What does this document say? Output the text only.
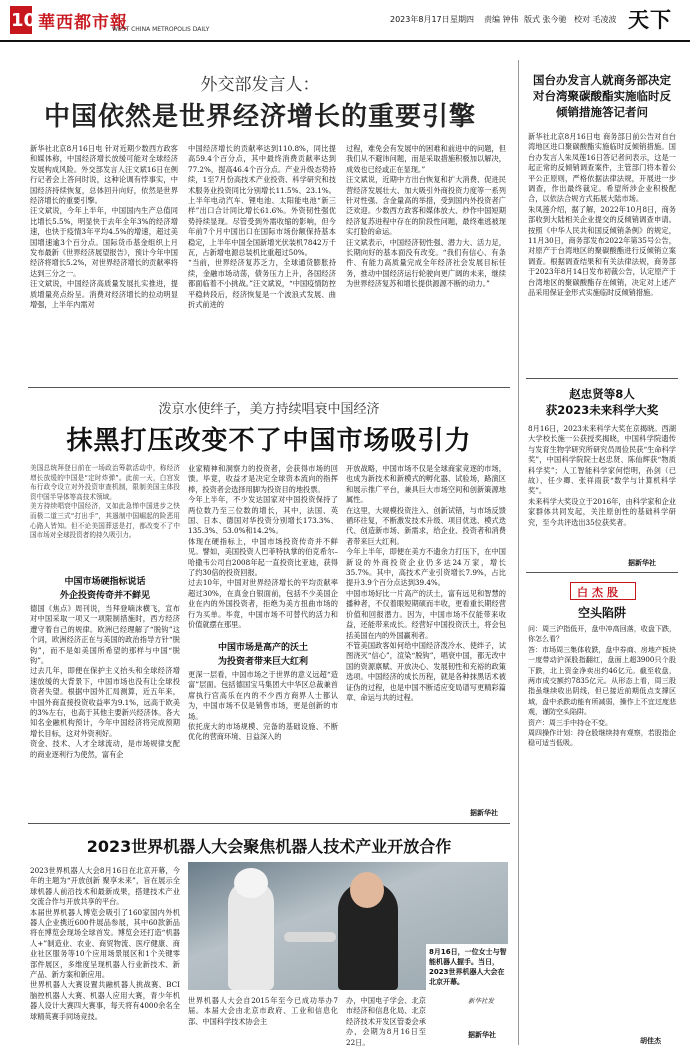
10 華西都市報
WEST CHINA METROPOLIS DAILY
2023年8月17日 星期四 责编 钟伟 版式 张今驰 校对 毛凌波 天下
外交部发言人：
中国依然是世界经济增长的重要引擎
新华社北京8月16日电 针对近期少数西方政客和媒体称，中国经济增长放缓可能对全球经济发展构成风险。外交部发言人汪文斌16日在例行记者会上答问时说，这种论调有悖事实，中国经济持续恢复，总体回升向好，依然是世界经济增长的重要引擎。
汪文斌说，今年上半年，中国国内生产总值同比增长5.5%，明显快于去年全年3%的经济增速，也快于疫情3年平均4.5%的增速，超过美国增速逾3个百分点。国际货币基金组织上月发布最新《世界经济展望报告》，预计今年中国经济将增长5.2%，对世界经济增长的贡献率将达到三分之一。
汪文斌说，中国经济高质量发展扎实推进，提质增量亮点纷呈。消费对经济增长的拉动明显增强，上半年内需对
中国经济增长的贡献率达到110.8%，同比提高59.4个百分点，其中最终消费贡献率达到77.2%，提高46.4个百分点。产业升级态势持续，1至7月份高技术产业投资、科学研究和技术服务业投资同比分别增长11.5%、23.1%。上半年电动汽车、锂电池、太阳能电池“新三样”出口合计同比增长61.6%。外资韧性强优势持续显现。尽管受到外需收缩的影响，但今年前7个月中国出口在国际市场份额保持基本稳定，上半年中国全国新增光伏装机7842万千瓦，占新增电源总装机比重超过50%。
“当前，世界经济复苏乏力，全球通货膨胀持续，金融市场动荡，债务压力上升，各国经济都面临着不小挑战。”汪文斌说，“中国疫情防控平稳转段后，经济恢复是一个波浪式发展、曲折式前进的
过程，难免会有发展中的困难和前进中的问题，但我们从不避讳问题，而是采取措施积极加以解决，成效也已经或正在显现。”
汪文斌说，近期中方出台恢复和扩大消费、促进民营经济发展壮大、加大吸引外商投资力度等一系列针对性强、含金量高的举措，受到国内外投资者广泛欢迎。少数西方政客和媒体放大、炒作中国短期经济复苏进程中存在的阶段性问题，最终难逃被现实打脸的命运。
汪文斌表示，中国经济韧性强、潜力大、活力足，长期向好的基本面没有改变。“我们有信心、有条件、有能力高质量完成全年经济社会发展目标任务，推动中国经济运行轮驶向更广阔的未来，继续为世界经济复苏和增长提供源源不断的动力。”
泼京水使绊子，美方持续唱衰中国经济
抹黑打压改变不了中国市场吸引力
美国总统拜登日前在一场政治筹款活动中，称经济增长放缓的中国是“定时炸弹”。此前一天，白宫发布行政令设立对外投资审查机制，限制美国主体投资中国半导体等高技术领域。
美方持续唱衰中国经济，又如此急惮中国进步之快而极二道三式“打出手”，其遏制中国崛起的险恶用心路人皆知。但不论美国葬送是打，都改变不了中国市场对全球投资者的持久吸引力。
中国市场硬指标说话
外企投资传奇并不鲜见
德国《焦点》周刊说，当拜登嘀沫横飞，宣布对中国采取一项又一项限制措施时，西方经济遭守着自己的规律。欧洲已经理解了“脱钩”这个词，欧洲经济正在与美国的政治指导方针“脱钩”，而不是如美国所希望的那样与中国“脱钩”。
过去几年，即便在保护主义抬头和全球经济增速放缓的大背景下，中国市场也没有让全球投资者失望。根据中国外汇局测算，近五年来，中国外商直接投资收益率为9.1%，远高于欧美的3%左右，也高于其他主要新兴经济体。各大知名金融机构预计，今年中国经济将完成预期增长目标，这对外资利好。
资金、技术、人才全球流动，是市场规律支配的商业逐利行为使然，富有企
业家精神和洞察力的投资者，会获得市场的回馈。毕竟，收益才是决定全球资本流向的指挥棒，投资者会选择用脚为投资目的地投票。
今年上半年，不少发达国家对中国投资保持了两位数乃至三位数的增长，其中，法国、英国、日本、德国对华投资分别增长173.3%、135.3%、53.0%和14.2%。
体现在硬指标上，中国市场投资传奇并不鲜见。譬如，美国投资人巴菲特执掌的伯克希尔–哈撒韦公司自2008年起一直投资比亚迪，获得了约30倍的投资回报。
过去10年，中国对世界经济增长的平均贡献率超过30%，在真金白银面前，包括不少美国企业在内的外国投资者，拒绝为美方扭曲市场的行为买单。毕竟，中国市场不可替代的活力和价值就摆在那里。
中国市场是高产的沃土
为投资者带来巨大红利
更深一层看，中国市场之于世界的意义远超“造富”层面。包括德国宝马集团大中华区总裁兼首席执行官高乐在内的不少西方商界人士都认为，中国市场不仅是销售市场，更是创新的市场。
依托庞大的市场规模、完备的基础设施、不断优化的营商环境、日益深入的
开放战略，中国市场不仅是全球商家竞逐的市场，也成为新技术和新模式的孵化器、试验场，路演区和展示推广平台，兼具巨大市场空间和创新策源地属性。
在这里，大规模投资注入、创新试错，与市场反馈循环往复，不断激发技术升级、项目优选、模式迭代、创造新市场、新需求，给企业、投资者和消费者带来巨大红利。
今年上半年，即便在美方不遗余力打压下，在中国新设的外商投资企业仍多达24万家，增长35.7%。其中，高技术产业引资增长7.9%，占比提升3.9个百分点达到39.4%。
中国市场好比一片高产的沃土，富有远见和智慧的播种者，不仅着眼短期硕而丰收，更看重长期经营价值和回报潜力。因为，中国市场不仅能带来收益，还能带来成长。经营好中国投资沃土，将会包括美国在内的外国赢利者。
不管美国政客如何给中国经济泼冷水、使绊子，试图浇灭“信心”，渲染“脱钩”，唱衰中国，都无改中国的资源禀赋、开放决心、发展韧性和充裕的政策选项。中国经济的成长历程，就是各种抹黑话术被证伪的过程，也是中国不断适应变局谱写更精彩篇章、命运与共的过程。
据新华社
2023世界机器人大会聚焦机器人技术产业开放合作
2023世界机器人大会8月16日在北京开幕，今年的主题为“开放创新 聚享未来”，旨在展示全球机器人前沿技术和最新成果，搭建技术产业交流合作与开放共享的平台。
本届世界机器人博览会吸引了160家国内外机器人企业携近600件展品参展，其中60款新品将在博览会现场全球首发。博览会还打造“机器人+”制造业、农业、商贸物流、医疗健康、商业社区服务等10个应用场景展区和1个关键零部件展区，多维度呈现机器人行业新技术、新产品、新方案和新应用。
世界机器人大赛设置共融机器人挑战赛、BCI脑控机器人大赛、机器人应用大赛，青少年机器人设计大赛四大赛事，每天将有4000余名全球精英赛手同场竞技。
8月16日，一位女士与智能机器人握手。当日，2023世界机器人大会在北京开幕。
新华社发
世界机器人大会自2015年至今已成功举办7届。本届大会由北京市政府、工业和信息化部、中国科学技术协会主
办，中国电子学会、北京市经济和信息化局、北京经济技术开发区管委会承办，会期为8月16日至22日。
据新华社
国台办发言人就商务部决定对台湾聚碳酸酯实施临时反倾销措施答记者问
新华社北京8月16日电 商务部日前公告对自台湾地区进口聚碳酸酯实施临时反倾销措施。国台办发言人朱凤莲16日答记者问表示，这是一起正常的反倾销调查案件，主管部门将本着公平公正原则，严格依据法律法规，开展进一步调查，作出最终裁定。希望所涉企业积极配合，以依法合规方式拓展大陆市场。
朱凤莲介绍，据了解，2022年10月8日，商务部收到大陆相关企业提交的反倾销调查申请。按照《中华人民共和国反倾销条例》的规定，11月30日，商务部发布2022年第35号公告，对原产于台湾地区的聚碳酸酯进行反倾销立案调查。根据调查结果和有关法律法规，商务部于2023年8月14日发布初裁公告，认定原产于台湾地区的聚碳酸酯存在倾销，决定对上述产品采用保证金形式实施临时反倾销措施。
赵忠贤等8人
获2023未来科学大奖
8月16日，2023未来科学大奖在京揭晓。西湖大学校长施一公获授奖揭晓，中国科学院遗传与发育生物学研究所研究员周俭民获“生命科学奖”，中国科学院院士赵忠贤、陈仙辉获“物质科学奖”；人工智能科学家何恺明，孙剑（已故）、任少卿、张祥雨获“数学与计算机科学奖”。
未来科学大奖设立于2016年，由科学家和企业家群体共同发起，关注原创性的基础科学研究，至今共评选出35位获奖者。
据新华社
白杰股
空头陷阱
问：周三沪指低开，盘中冲高回落，收盘下跌，你怎么看？
答：市场周三集体收跌，盘中券商、房地产板块一度带动沪深股指翻红，盘面上超3900只个股下跌，北上资金净卖出约46亿元。截至收盘，两市成交额约7835亿元。从形态上看，周三股指虽继续收出阴线，但已接近前期低点支撑区域，盘中杀跌动能有所减弱，操作上不宜过度悲观，谨防空头陷阱。
资产：周三手中持仓不变。
周四操作计划：持仓股继续持有观察，若股指企稳可适当低吸。
胡佳杰
